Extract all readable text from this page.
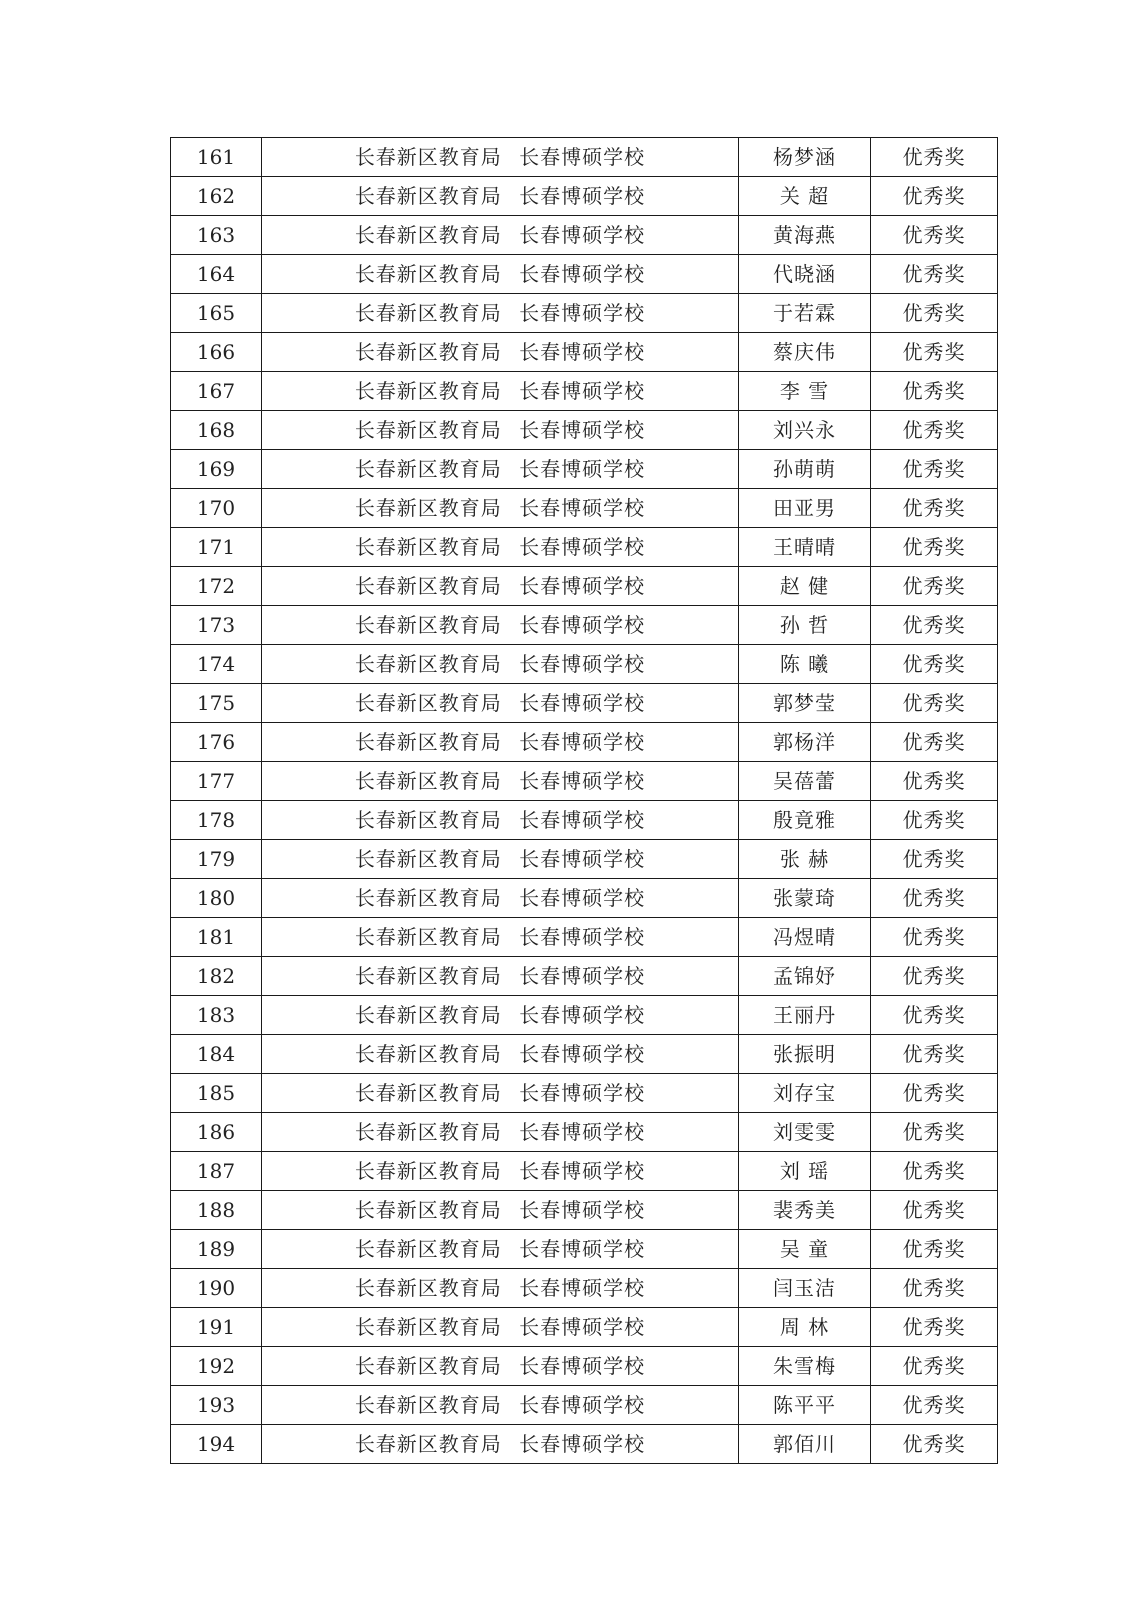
161	长春新区教育局 长春博硕学校	杨梦涵	优秀奖
162	长春新区教育局 长春博硕学校	关 超	优秀奖
163	长春新区教育局 长春博硕学校	黄海燕	优秀奖
164	长春新区教育局 长春博硕学校	代晓涵	优秀奖
165	长春新区教育局 长春博硕学校	于若霖	优秀奖
166	长春新区教育局 长春博硕学校	蔡庆伟	优秀奖
167	长春新区教育局 长春博硕学校	李 雪	优秀奖
168	长春新区教育局 长春博硕学校	刘兴永	优秀奖
169	长春新区教育局 长春博硕学校	孙萌萌	优秀奖
170	长春新区教育局 长春博硕学校	田亚男	优秀奖
171	长春新区教育局 长春博硕学校	王晴晴	优秀奖
172	长春新区教育局 长春博硕学校	赵 健	优秀奖
173	长春新区教育局 长春博硕学校	孙 哲	优秀奖
174	长春新区教育局 长春博硕学校	陈 曦	优秀奖
175	长春新区教育局 长春博硕学校	郭梦莹	优秀奖
176	长春新区教育局 长春博硕学校	郭杨洋	优秀奖
177	长春新区教育局 长春博硕学校	吴蓓蕾	优秀奖
178	长春新区教育局 长春博硕学校	殷竟雅	优秀奖
179	长春新区教育局 长春博硕学校	张 赫	优秀奖
180	长春新区教育局 长春博硕学校	张蒙琦	优秀奖
181	长春新区教育局 长春博硕学校	冯煜晴	优秀奖
182	长春新区教育局 长春博硕学校	孟锦妤	优秀奖
183	长春新区教育局 长春博硕学校	王丽丹	优秀奖
184	长春新区教育局 长春博硕学校	张振明	优秀奖
185	长春新区教育局 长春博硕学校	刘存宝	优秀奖
186	长春新区教育局 长春博硕学校	刘雯雯	优秀奖
187	长春新区教育局 长春博硕学校	刘 瑶	优秀奖
188	长春新区教育局 长春博硕学校	裴秀美	优秀奖
189	长春新区教育局 长春博硕学校	吴 童	优秀奖
190	长春新区教育局 长春博硕学校	闫玉洁	优秀奖
191	长春新区教育局 长春博硕学校	周 林	优秀奖
192	长春新区教育局 长春博硕学校	朱雪梅	优秀奖
193	长春新区教育局 长春博硕学校	陈平平	优秀奖
194	长春新区教育局 长春博硕学校	郭佰川	优秀奖
